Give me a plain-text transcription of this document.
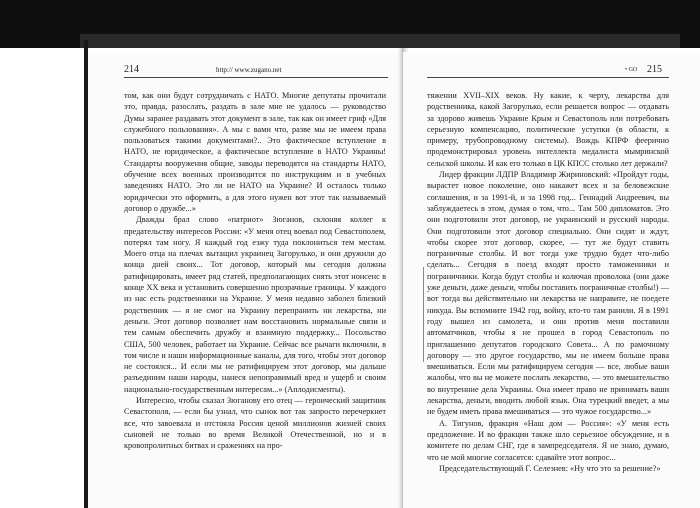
214	http:// www.zugano.net

том, как они будут сотрудничать с НАТО. Многие депутаты прочитали это, правда, разослать, раздать в зале мне не удалось — руководство Думы заранее раздавать этот документ в зале, так как он имеет гриф «Для служебного пользования». А мы с вами что, разве мы не имеем права пользоваться такими документами?.. Это фактическое вступление в НАТО, не юридическое, а фактическое вступление в НАТО Украины! Стандарты вооружения общие, заводы переводятся на стандарты НАТО, обучение всех военных производится по инструкциям и в учебных заведениях НАТО. Это ли не НАТО на Украине? И осталось только юридически это оформить, а для этого нужен вот этот так называемый договор о дружбе...»

Дважды брал слово «патриот» Зюганов, склоняя коллег к предательству интересов России: «У меня отец воевал под Севастополем, потерял там ногу. Я каждый год езжу туда поклониться тем местам. Моего отца на плечах вытащил украинец Загорулько, и они дружили до конца дней своих... Тот договор, который мы сегодня должны ратифицировать, имеет ряд статей, предполагающих снять этот нонсенс в конце XX века и установить совершенно прозрачные границы. У каждого из нас есть родственники на Украине. У меня недавно заболел близкий родственник — я не смог на Украину перепранить ни лекарства, ни деньги. Этот договор позволяет нам восстановить нормальные связи и тем самым обеспечить дружбу и взаимную поддержку... Посольство США, 500 человек, работает на Украине. Сейчас все рычаги включили, в том числе и наши информационные каналы, для того, чтобы этот договор не состоялся... И если мы не ратифицируем этот договор, мы дальше разъединим наши народы, нанеся непоправимый вред и ущерб и своим национально-государственным интересам...» (Аплодисменты).

Интересно, чтобы сказал Зюганову его отец — героический защитник Севастополя, — если бы узнал, что сынок вот так запросто перечеркнет все, что завоевала и отстояла Россия ценой миллионов жизней своих сыновей не только во время Великой Отечественной, но и в кровопролитных битвах и сражениях на про-

• GO 215

тяжении XVII–XIX веков. Ну какие, к черту, лекарства для родственника, какой Загорулько, если решается вопрос — отдавать за здорово живешь Украине Крым и Севастополь или потребовать серьезную компенсацию, политические уступки (в области, к примеру, трубопроводному системы). Вождь КПРФ феерично продемонстрировал уровень интеллекта медалиста мымринской сельской школы. И как его только в ЦК КПСС столько лет держали?

Лидер фракции ЛДПР Владимир Жириновский: «Пройдут годы, вырастет новое поколение, оно накажет всех и за беловежские соглашения, и за 1991-й, и за 1998 год... Геннадий Андреевич, вы заблуждаетесь в этом, думая о том, что... Там 500 дипломатов. Это они подготовили этот договор, не украинский и русский народы. Они подготовили этот договор специально. Они сидят и ждут, чтобы скорее этот договор, скорее, — тут же будут ставить пограничные столбы. И вот тогда уже трудно будет что-либо сделать... Сегодня в поезд входят просто таможенники и пограничники. Когда будут столбы и колючая проволока (они даже уже деньги, даже деньги, чтобы поставить пограничные столбы!) — вот тогда вы действительно ни лекарства не направите, не поедете никуда. Вы вспомните 1942 год, войну, кто-то там ранили. Я в 1991 году вышел из самолета, и они против меня поставили автоматчиков, чтобы я не прошел в город Севастополь по приглашению депутатов городского Совета... А по рамочному договору — это другое государство, мы не имеем больше права вмешиваться. Если мы ратифицируем сегодня — все, любые ваши жалобы, что вы не можете послать лекарство, — это вмешательство во внутренние дела Украины. Она имеет право не принимать ваши лекарства, деньги, вводить любой язык. Она турецкий введет, а мы не будем иметь права вмешиваться — это чужое государство...»

А. Тигунов, фракция «Наш дом — Россия»: «У меня есть предложение. И во фракции также шло серьезное обсуждение, и в комитете по делам СНГ, где я зампредседателя. Я не знаю, думаю, что не мой многие согласятся: сдавайте этот вопрос...

Председательствующий Г. Селезнев: «Ну что это за решение?»
